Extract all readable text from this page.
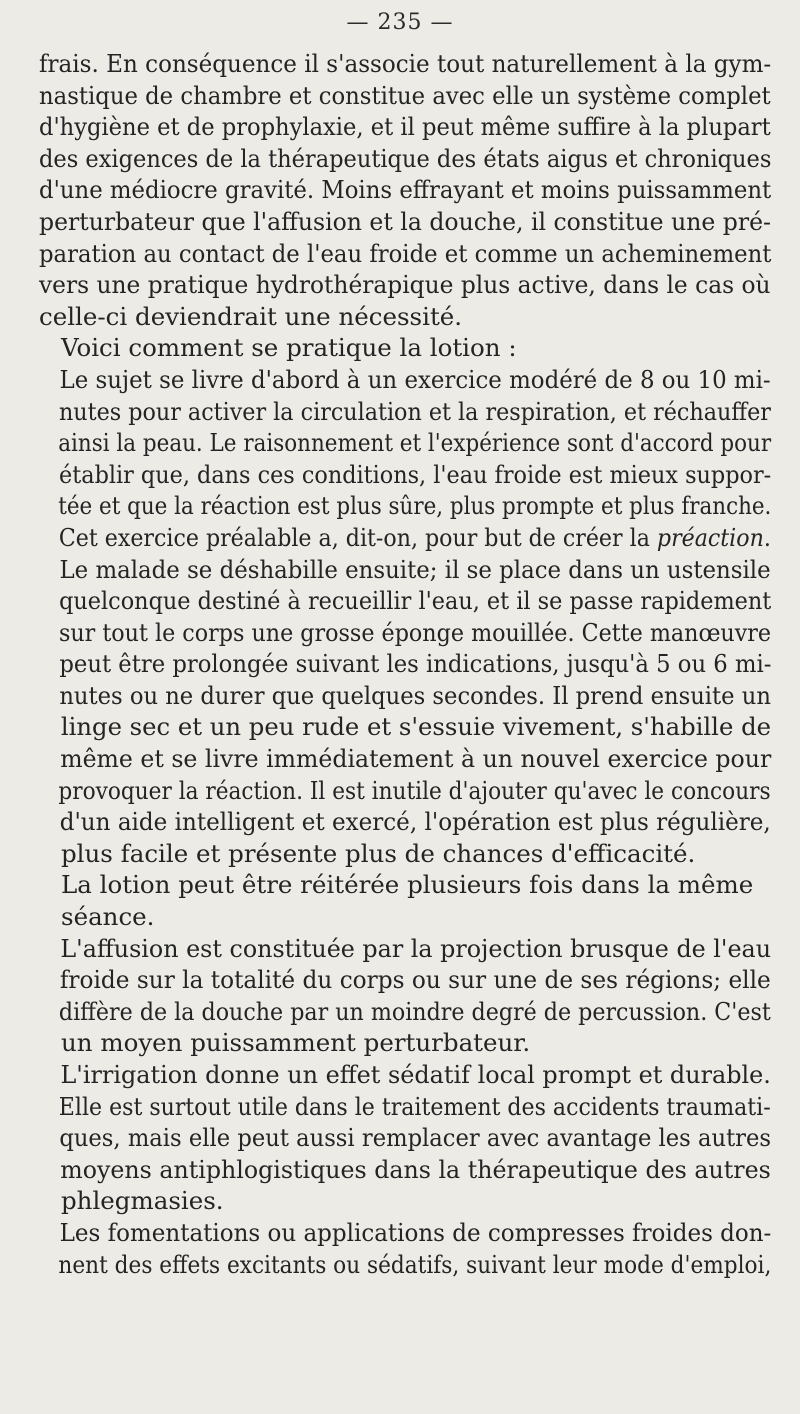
— 235 —

frais. En conséquence il s'associe tout naturellement à la gym-
nastique de chambre et constitue avec elle un système complet
d'hygiène et de prophylaxie, et il peut même suffire à la plupart
des exigences de la thérapeutique des états aigus et chroniques
d'une médiocre gravité. Moins effrayant et moins puissamment
perturbateur que l'affusion et la douche, il constitue une pré-
paration au contact de l'eau froide et comme un acheminement
vers une pratique hydrothérapique plus active, dans le cas où
celle-ci deviendrait une nécessité.

Voici comment se pratique la lotion :

Le sujet se livre d'abord à un exercice modéré de 8 ou 10 mi-
nutes pour activer la circulation et la respiration, et réchauffer
ainsi la peau. Le raisonnement et l'expérience sont d'accord pour
établir que, dans ces conditions, l'eau froide est mieux suppor-
tée et que la réaction est plus sûre, plus prompte et plus franche.
Cet exercice préalable a, dit-on, pour but de créer la préaction.

Le malade se déshabille ensuite; il se place dans un ustensile
quelconque destiné à recueillir l'eau, et il se passe rapidement
sur tout le corps une grosse éponge mouillée. Cette manœuvre
peut être prolongée suivant les indications, jusqu'à 5 ou 6 mi-
nutes ou ne durer que quelques secondes. Il prend ensuite un
linge sec et un peu rude et s'essuie vivement, s'habille de
même et se livre immédiatement à un nouvel exercice pour
provoquer la réaction. Il est inutile d'ajouter qu'avec le concours
d'un aide intelligent et exercé, l'opération est plus régulière,
plus facile et présente plus de chances d'efficacité.

La lotion peut être réitérée plusieurs fois dans la même
séance.

L'affusion est constituée par la projection brusque de l'eau
froide sur la totalité du corps ou sur une de ses régions; elle
diffère de la douche par un moindre degré de percussion. C'est
un moyen puissamment perturbateur.

L'irrigation donne un effet sédatif local prompt et durable.
Elle est surtout utile dans le traitement des accidents traumati-
ques, mais elle peut aussi remplacer avec avantage les autres
moyens antiphlogistiques dans la thérapeutique des autres
phlegmasies.

Les fomentations ou applications de compresses froides don-
nent des effets excitants ou sédatifs, suivant leur mode d'emploi,
